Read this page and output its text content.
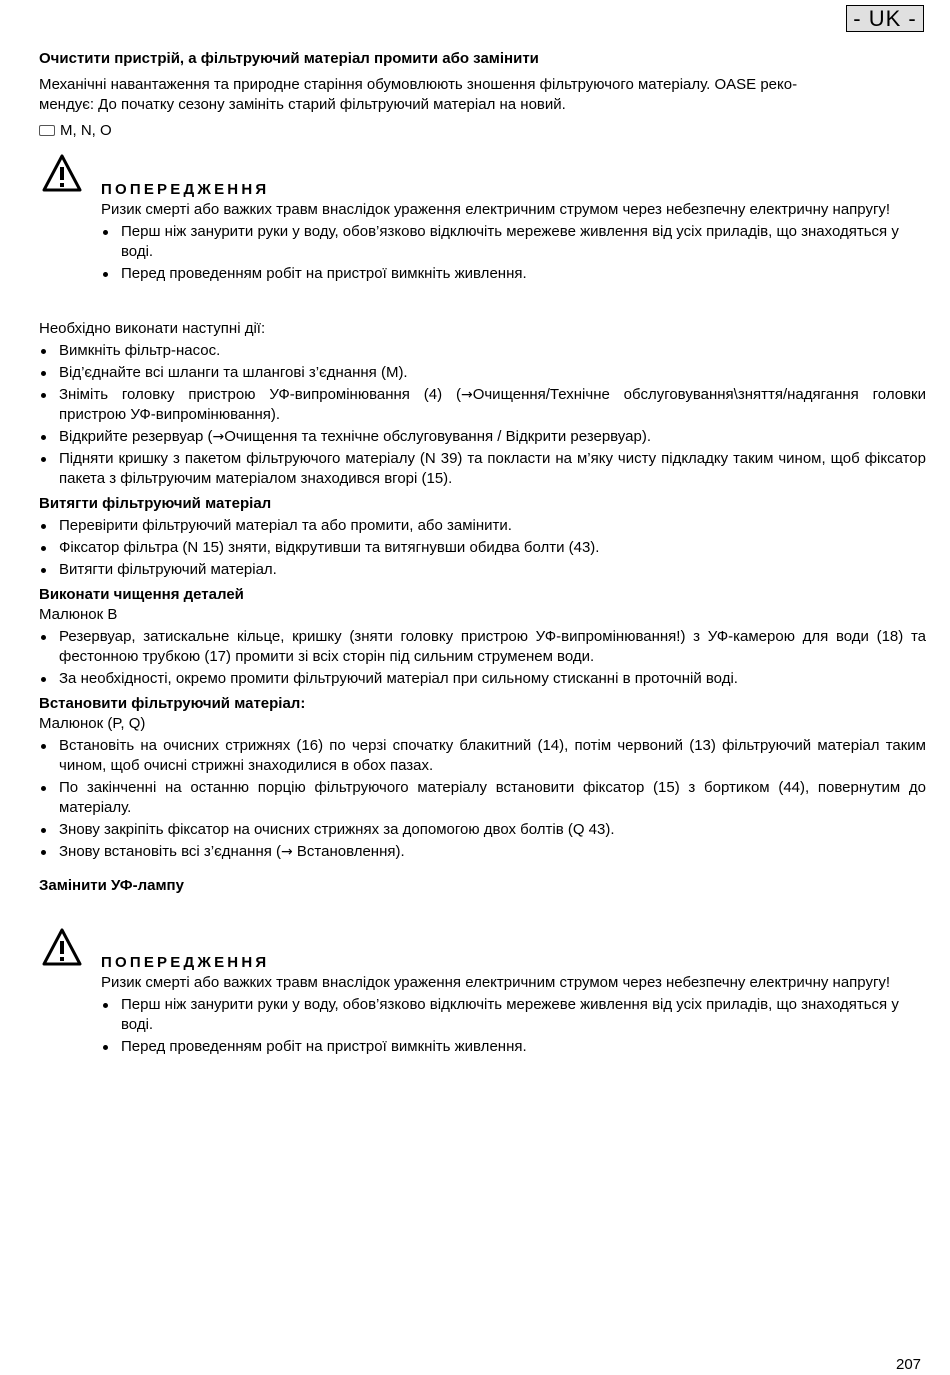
- UK -
Очистити пристрій, а фільтруючий матеріал промити або замінити

Механічні навантаження та природне старіння обумовлюють зношення фільтруючого матеріалу. OASE реко-

мендує: До початку сезону замініть старий фільтруючий матеріал на новий.

M, N, O

ПОПЕРЕДЖЕННЯ

Ризик смерті або важких травм внаслідок ураження електричним струмом через небезпечну електричну напругу!

Перш ніж занурити руки у воду, обов’язково відключіть мережеве живлення від усіх приладів, що знаходяться у воді.
Перед проведенням робіт на пристрої вимкніть живлення.

Необхідно виконати наступні дії:

Вимкніть фільтр-насос.
Від’єднайте всі шланги та шлангові з’єднання (M).
Зніміть головку пристрою УФ-випромінювання (4) (→Очищення/Технічне обслуговування\зняття/надягання головки пристрою УФ-випромінювання).
Відкрийте резервуар (→Очищення та технічне обслуговування / Відкрити резервуар).
Підняти кришку з пакетом фільтруючого матеріалу (N 39) та покласти на м’яку чисту підкладку таким чином, щоб фіксатор пакета з фільтруючим матеріалом знаходився вгорі (15).
Витягти фільтруючий матеріал
Перевірити фільтруючий матеріал та або промити, або замінити.
Фіксатор фільтра (N 15) зняти, відкрутивши та витягнувши обидва болти (43).
Витягти фільтруючий матеріал.
Виконати чищення деталей

Малюнок B

Резервуар, затискальне кільце, кришку (зняти головку пристрою УФ-випромінювання!) з УФ-камерою для води (18) та фестонною трубкою (17) промити зі всіх сторін під сильним струменем води.
За необхідності, окремо промити фільтруючий матеріал при сильному стисканні в проточній воді.
Встановити фільтруючий матеріал:

Малюнок (P, Q)

Встановіть на очисних стрижнях (16) по черзі спочатку блакитний (14), потім червоний (13) фільтруючий матеріал таким чином, щоб очисні стрижні знаходилися в обох пазах.
По закінченні на останню порцію фільтруючого матеріалу встановити фіксатор (15) з бортиком (44), повернутим до матеріалу.
Знову закріпіть фіксатор на очисних стрижнях за допомогою двох болтів (Q 43).
Знову встановіть всі з’єднання (→ Встановлення).
Замінити УФ-лампу
ПОПЕРЕДЖЕННЯ

Ризик смерті або важких травм внаслідок ураження електричним струмом через небезпечну електричну напругу!

Перш ніж занурити руки у воду, обов’язково відключіть мережеве живлення від усіх приладів, що знаходяться у воді.
Перед проведенням робіт на пристрої вимкніть живлення.
207
